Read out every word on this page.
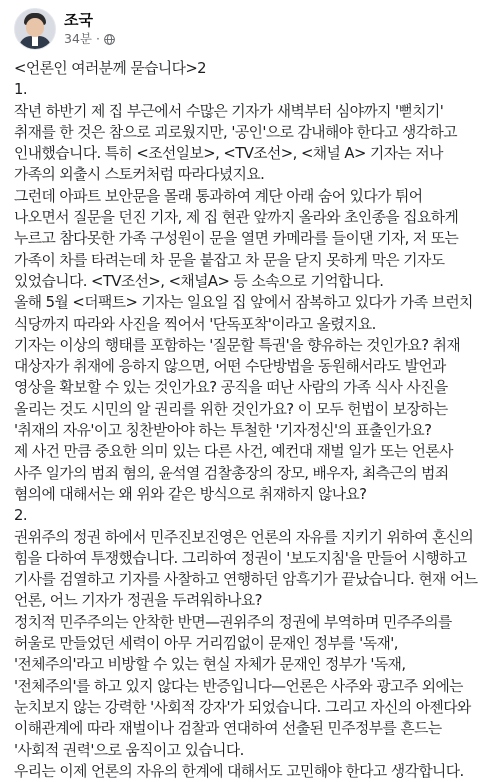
조국
34분 ·

<언론인 여러분께 묻습니다>2

1.

작년 하반기 제 집 부근에서 수많은 기자가 새벽부터 심야까지 '뻗치기' 취재를 한 것은 참으로 괴로웠지만, '공인'으로 감내해야 한다고 생각하고 인내했습니다. 특히 <조선일보>, <TV조선>, <채널 A> 기자는 저나 가족의 외출시 스토커처럼 따라다녔지요.

그런데 아파트 보안문을 몰래 통과하여 계단 아래 숨어 있다가 튀어 나오면서 질문을 던진 기자, 제 집 현관 앞까지 올라와 초인종을 집요하게 누르고 참다못한 가족 구성원이 문을 열면 카메라를 들이댄 기자, 저 또는 가족이 차를 타려는데 차 문을 붙잡고 차 문을 닫지 못하게 막은 기자도 있었습니다. <TV조선>, <채널A> 등 소속으로 기억합니다.

올해 5월 <더팩트> 기자는 일요일 집 앞에서 잠복하고 있다가 가족 브런치 식당까지 따라와 사진을 찍어서 '단독포착'이라고 올렸지요.

기자는 이상의 행태를 포함하는 '질문할 특권'을 향유하는 것인가요? 취재 대상자가 취재에 응하지 않으면, 어떤 수단방법을 동원해서라도 발언과 영상을 확보할 수 있는 것인가요? 공직을 떠난 사람의 가족 식사 사진을 올리는 것도 시민의 알 권리를 위한 것인가요? 이 모두 헌법이 보장하는 '취재의 자유'이고 칭찬받아야 하는 투철한 '기자정신'의 표출인가요?

제 사건 만큼 중요한 의미 있는 다른 사건, 예컨대 재벌 일가 또는 언론사 사주 일가의 범죄 혐의, 윤석열 검찰총장의 장모, 배우자, 최측근의 범죄 혐의에 대해서는 왜 위와 같은 방식으로 취재하지 않나요?

2.

권위주의 정권 하에서 민주진보진영은 언론의 자유를 지키기 위하여 혼신의 힘을 다하여 투쟁했습니다. 그리하여 정권이 '보도지침'을 만들어 시행하고 기사를 검열하고 기자를 사찰하고 연행하던 암흑기가 끝났습니다. 현재 어느 언론, 어느 기자가 정권을 두려워하나요?

정치적 민주주의는 안착한 반면—권위주의 정권에 부역하며 민주주의를 허울로 만들었던 세력이 아무 거리낌없이 문재인 정부를 '독재', '전체주의'라고 비방할 수 있는 현실 자체가 문재인 정부가 '독재, '전체주의'를 하고 있지 않다는 반증입니다—언론은 사주와 광고주 외에는 눈치보지 않는 강력한 '사회적 강자'가 되었습니다. 그리고 자신의 아젠다와 이해관계에 따라 재벌이나 검찰과 연대하여 선출된 민주정부를 흔드는 '사회적 권력'으로 움직이고 있습니다.

우리는 이제 언론의 자유의 한계에 대해서도 고민해야 한다고 생각합니다.
